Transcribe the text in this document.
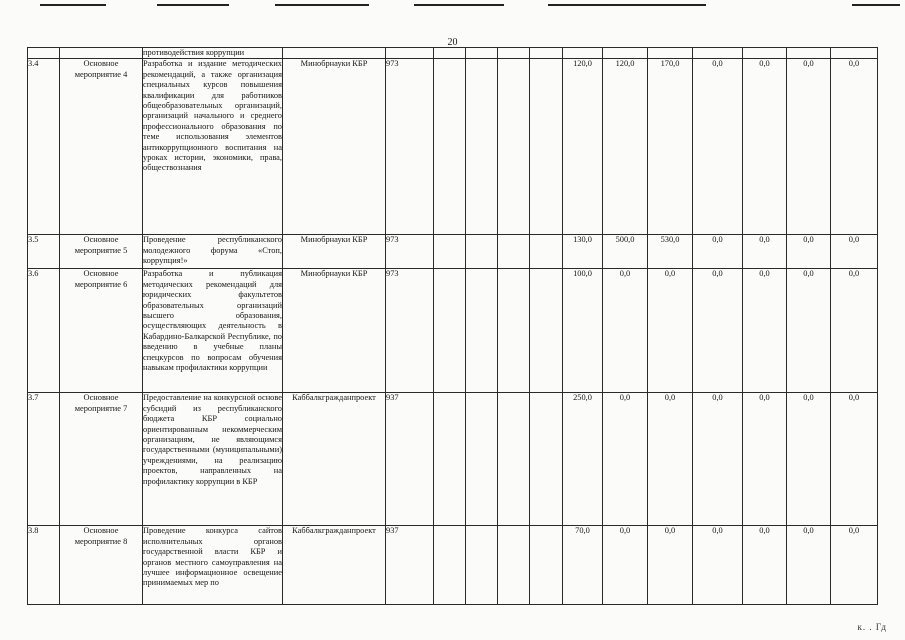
20
		противодействия коррупции													
3.4	Основное мероприятие 4	Разработка и издание методических рекомендаций, а также организация специальных курсов повышения квалификации для работников общеобразовательных организаций, организаций начального и среднего профессионального образования по теме использования элементов антикоррупционного воспитания на уроках истории, экономики, права, обществознания	Минобрнауки КБР	973					120,0	120,0	170,0	0,0	0,0	0,0	0,0
3.5	Основное мероприятие 5	Проведение республиканского молодежного форума «Стоп, коррупция!»	Минобрнауки КБР	973					130,0	500,0	530,0	0,0	0,0	0,0	0,0
3.6	Основное мероприятие 6	Разработка и публикация методических рекомендаций для юридических факультетов образовательных организаций высшего образования, осуществляющих деятельность в Кабардино-Балкарской Республике, по введению в учебные планы спецкурсов по вопросам обучения навыкам профилактики коррупции	Минобрнауки КБР	973					100,0	0,0	0,0	0,0	0,0	0,0	0,0
3.7	Основное мероприятие 7	Предоставление на конкурсной основе субсидий из республиканского бюджета КБР социально ориентированным некоммерческим организациям, не являющимся государственными (муниципальными) учреждениями, на реализацию проектов, направленных на профилактику коррупции в КБР	Каббалкгражданпроект	937					250,0	0,0	0,0	0,0	0,0	0,0	0,0
3.8	Основное мероприятие 8	Проведение конкурса сайтов исполнительных органов государственной власти КБР и органов местного самоуправления на лучшее информационное освещение принимаемых мер по	Каббалкгражданпроект	937					70,0	0,0	0,0	0,0	0,0	0,0	0,0
к. . Гд
